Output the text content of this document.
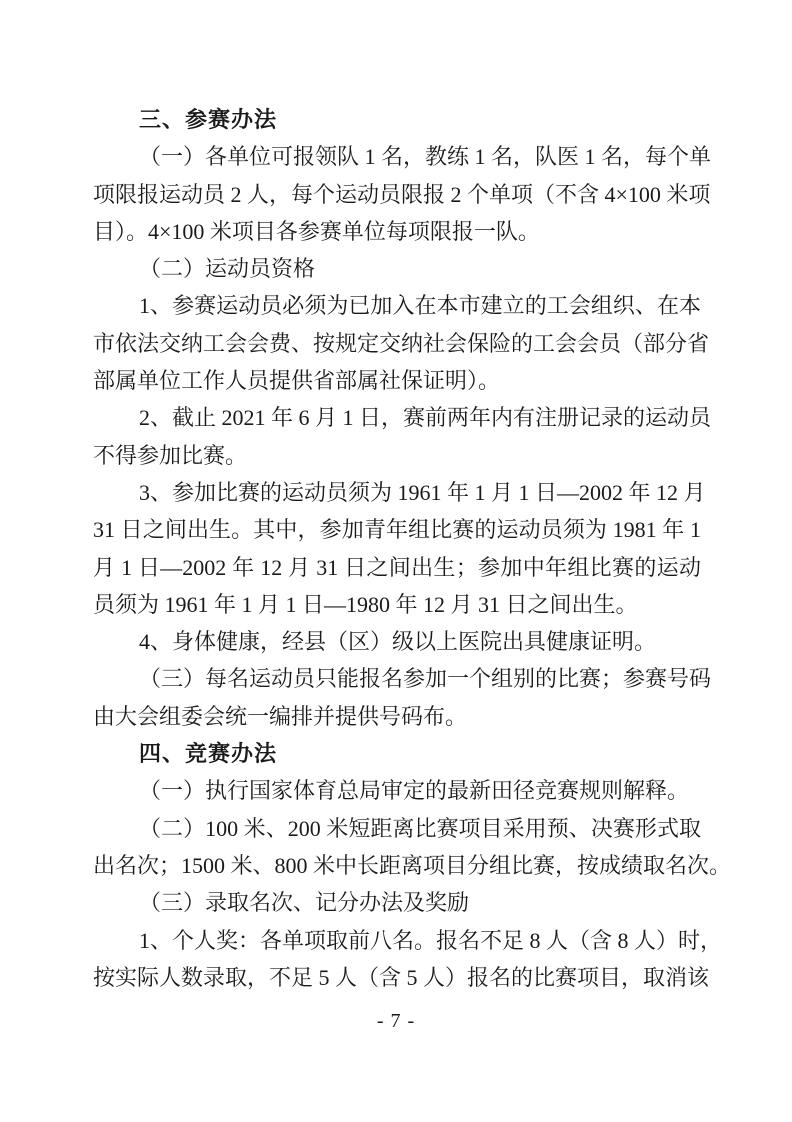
三、参赛办法
（一）各单位可报领队 1 名，教练 1 名，队医 1 名，每个单
项限报运动员 2 人，每个运动员限报 2 个单项（不含 4×100 米项
目）。4×100 米项目各参赛单位每项限报一队。
（二）运动员资格
1、参赛运动员必须为已加入在本市建立的工会组织、在本
市依法交纳工会会费、按规定交纳社会保险的工会会员（部分省
部属单位工作人员提供省部属社保证明）。
2、截止 2021 年 6 月 1 日，赛前两年内有注册记录的运动员
不得参加比赛。
3、参加比赛的运动员须为 1961 年 1 月 1 日—2002 年 12 月
31 日之间出生。其中，参加青年组比赛的运动员须为 1981 年 1
月 1 日—2002 年 12 月 31 日之间出生；参加中年组比赛的运动
员须为 1961 年 1 月 1 日—1980 年 12 月 31 日之间出生。
4、身体健康，经县（区）级以上医院出具健康证明。
（三）每名运动员只能报名参加一个组别的比赛；参赛号码
由大会组委会统一编排并提供号码布。
四、竞赛办法
（一）执行国家体育总局审定的最新田径竞赛规则解释。
（二）100 米、200 米短距离比赛项目采用预、决赛形式取
出名次；1500 米、800 米中长距离项目分组比赛，按成绩取名次。
（三）录取名次、记分办法及奖励
1、个人奖：各单项取前八名。报名不足 8 人（含 8 人）时，
按实际人数录取，不足 5 人（含 5 人）报名的比赛项目，取消该
- 7 -
